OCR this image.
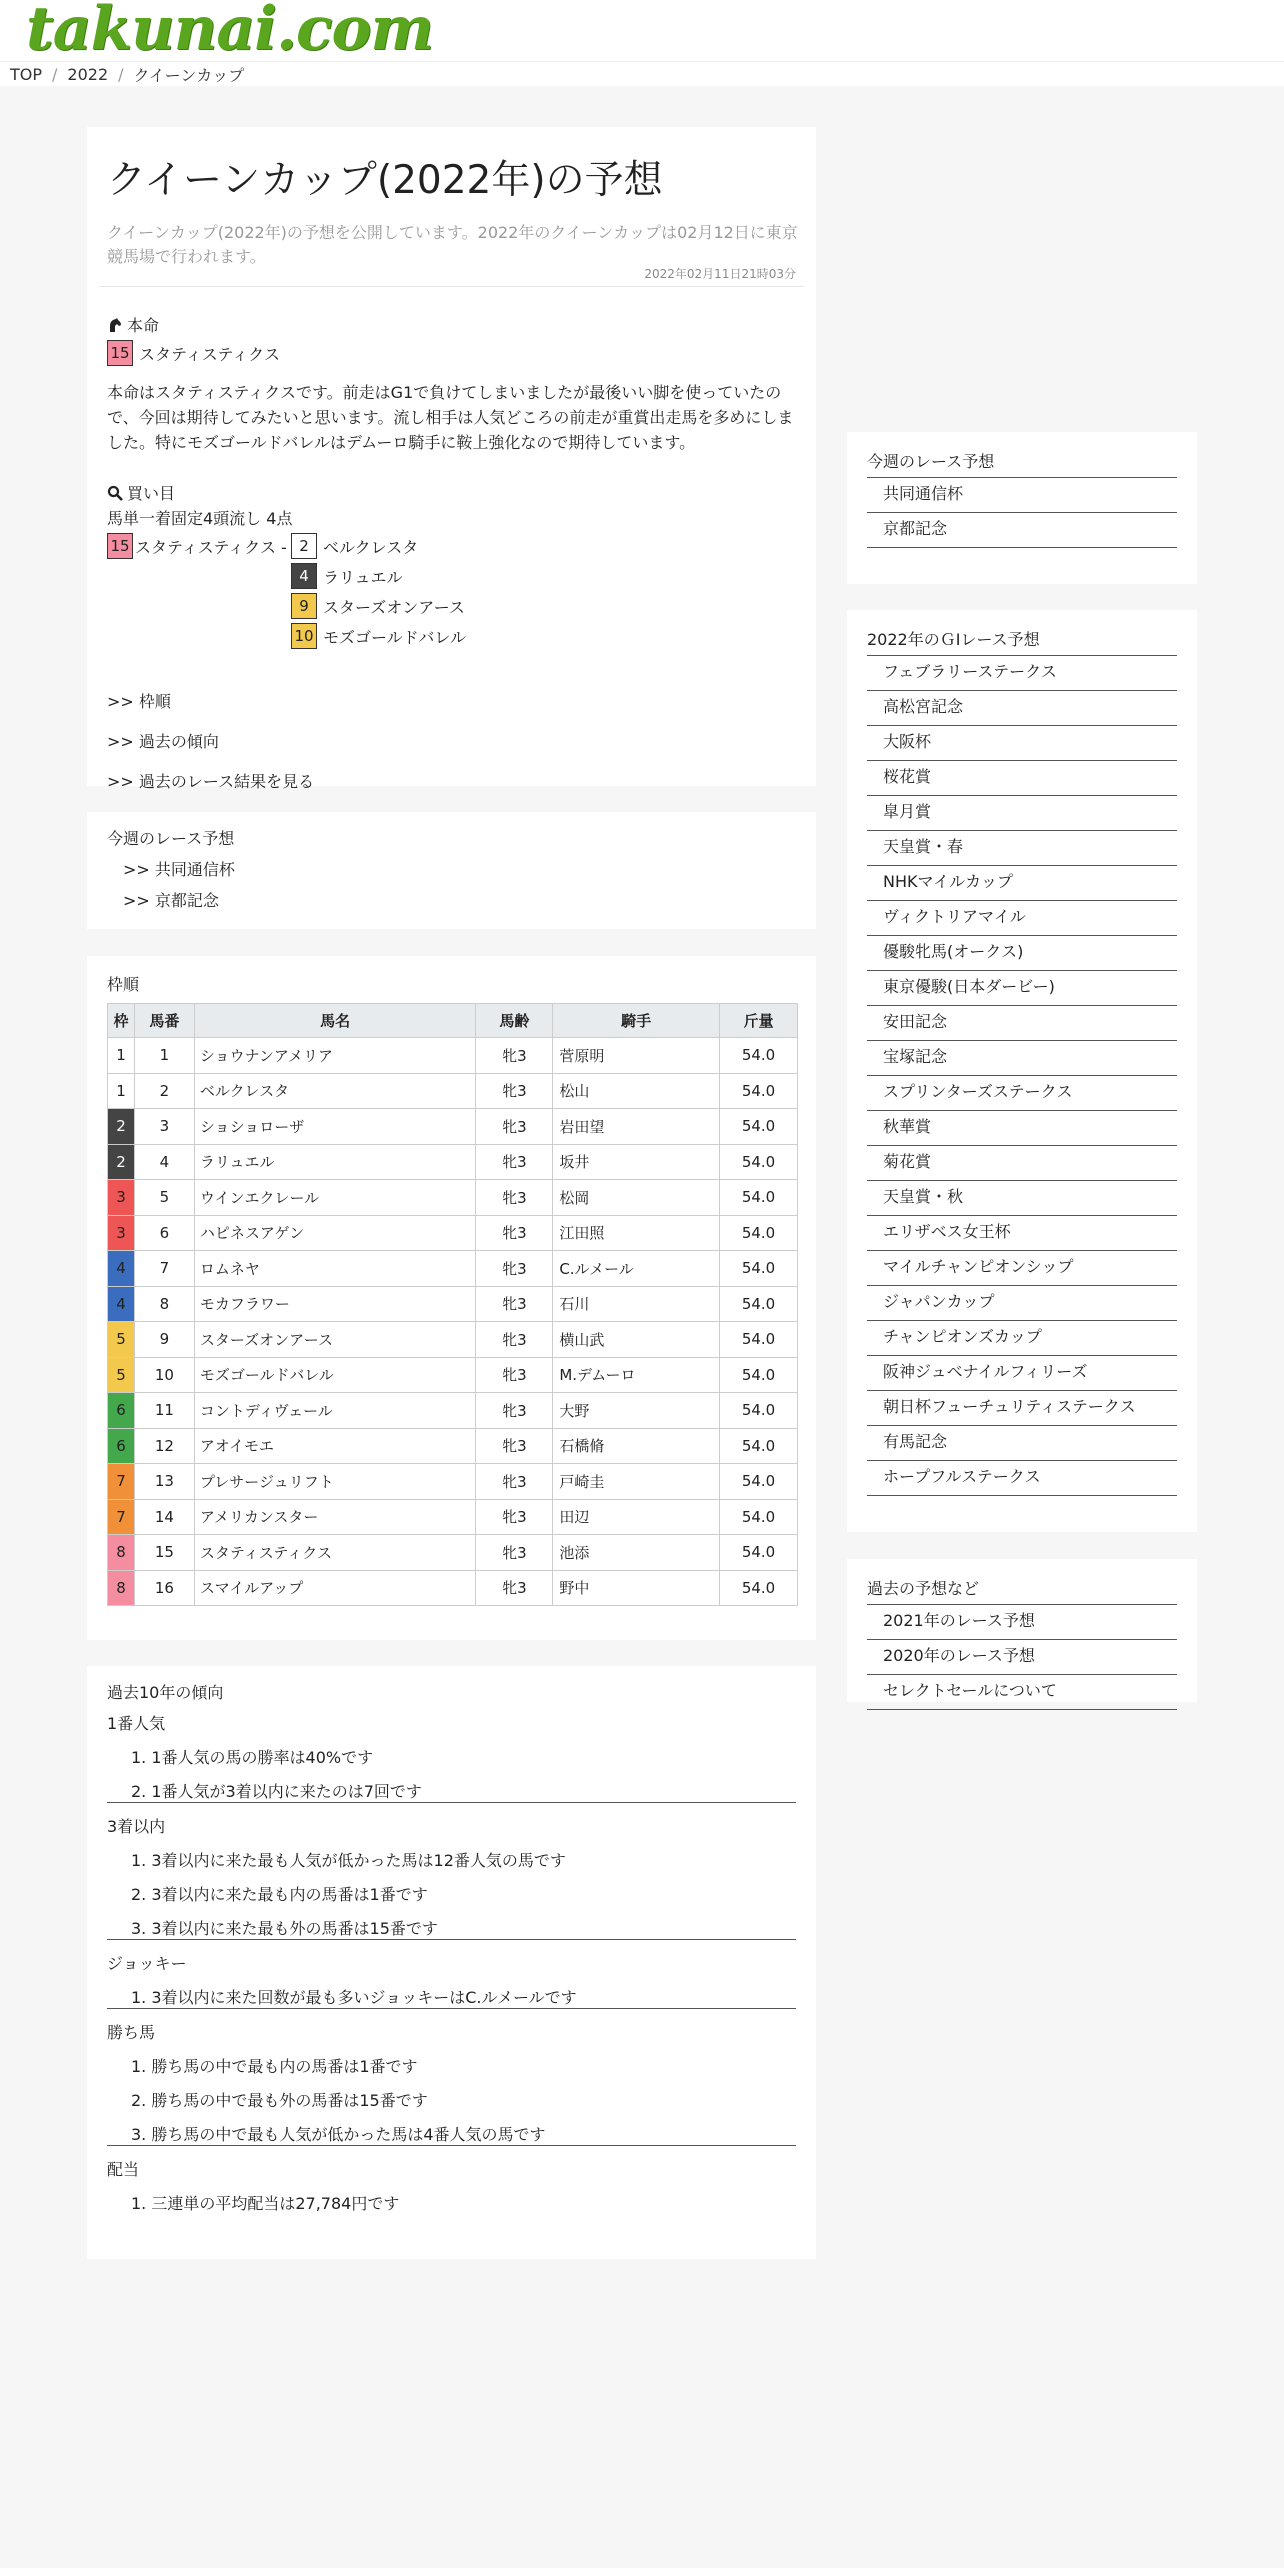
takunai.com
TOP / 2022 / クイーンカップ
クイーンカップ(2022年)の予想

クイーンカップ(2022年)の予想を公開しています。2022年のクイーンカップは02月12日に東京競馬場で行われます。

2022年02月11日21時03分
本命
15 スタティスティクス

本命はスタティスティクスです。前走はG1で負けてしまいましたが最後いい脚を使っていたので、今回は期待してみたいと思います。流し相手は人気どころの前走が重賞出走馬を多めにしました。特にモズゴールドバレルはデムーロ騎手に鞍上強化なので期待しています。

買い目
馬単一着固定4頭流し 4点
15 スタティスティクス - 2 ベルクレスタ
4 ラリュエル
9 スターズオンアース
10 モズゴールドバレル
>> 枠順
>> 過去の傾向
>> 過去のレース結果を見る
今週のレース予想
>> 共同通信杯
>> 京都記念
枠順
枠	馬番	馬名	馬齢	騎手	斤量
1	1	ショウナンアメリア	牝3	菅原明	54.0
1	2	ベルクレスタ	牝3	松山	54.0
2	3	ショショローザ	牝3	岩田望	54.0
2	4	ラリュエル	牝3	坂井	54.0
3	5	ウインエクレール	牝3	松岡	54.0
3	6	ハピネスアゲン	牝3	江田照	54.0
4	7	ロムネヤ	牝3	C.ルメール	54.0
4	8	モカフラワー	牝3	石川	54.0
5	9	スターズオンアース	牝3	横山武	54.0
5	10	モズゴールドバレル	牝3	M.デムーロ	54.0
6	11	コントディヴェール	牝3	大野	54.0
6	12	アオイモエ	牝3	石橋脩	54.0
7	13	プレサージュリフト	牝3	戸崎圭	54.0
7	14	アメリカンスター	牝3	田辺	54.0
8	15	スタティスティクス	牝3	池添	54.0
8	16	スマイルアップ	牝3	野中	54.0
過去10年の傾向
1番人気
1. 1番人気の馬の勝率は40%です
2. 1番人気が3着以内に来たのは7回です
3着以内
1. 3着以内に来た最も人気が低かった馬は12番人気の馬です
2. 3着以内に来た最も内の馬番は1番です
3. 3着以内に来た最も外の馬番は15番です
ジョッキー
1. 3着以内に来た回数が最も多いジョッキーはC.ルメールです
勝ち馬
1. 勝ち馬の中で最も内の馬番は1番です
2. 勝ち馬の中で最も外の馬番は15番です
3. 勝ち馬の中で最も人気が低かった馬は4番人気の馬です
配当
1. 三連単の平均配当は27,784円です
今週のレース予想
共同通信杯
京都記念
2022年のＧⅠレース予想
フェブラリーステークス
高松宮記念
大阪杯
桜花賞
皐月賞
天皇賞・春
NHKマイルカップ
ヴィクトリアマイル
優駿牝馬(オークス)
東京優駿(日本ダービー)
安田記念
宝塚記念
スプリンターズステークス
秋華賞
菊花賞
天皇賞・秋
エリザベス女王杯
マイルチャンピオンシップ
ジャパンカップ
チャンピオンズカップ
阪神ジュベナイルフィリーズ
朝日杯フューチュリティステークス
有馬記念
ホープフルステークス
過去の予想など
2021年のレース予想
2020年のレース予想
セレクトセールについて
